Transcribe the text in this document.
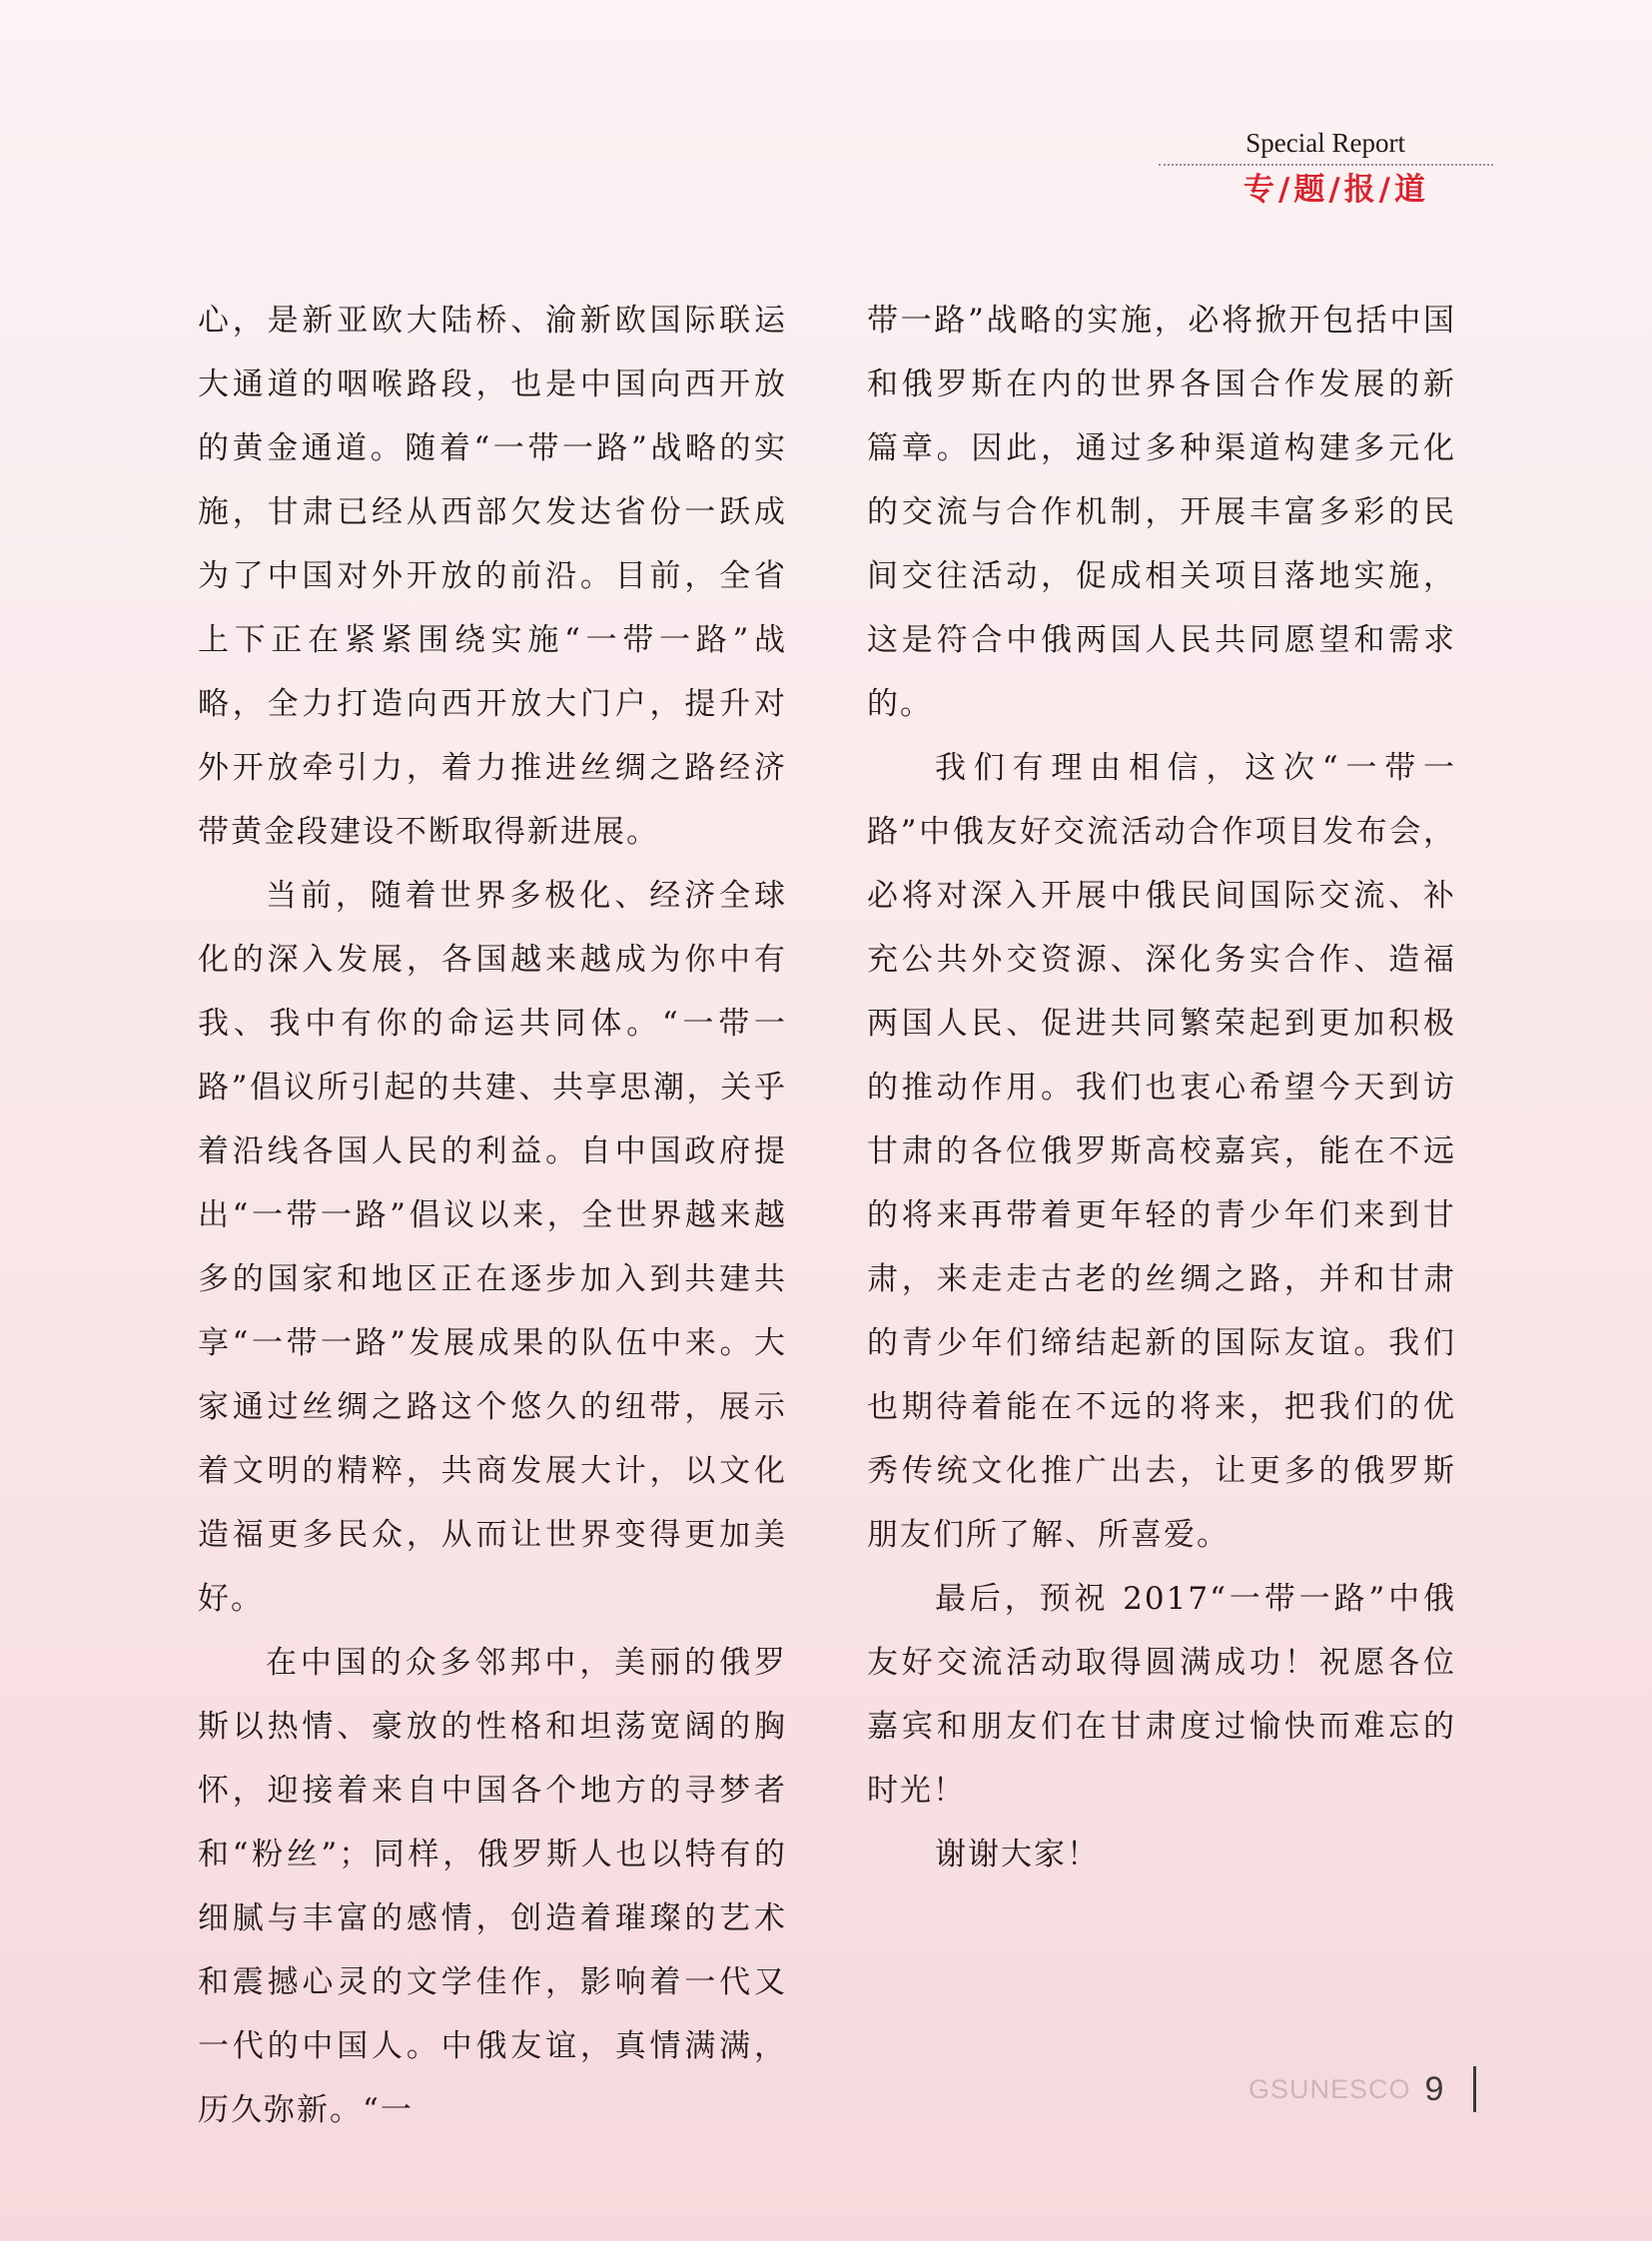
Special Report
专/题/报/道

心，是新亚欧大陆桥、渝新欧国际联运大通道的咽喉路段，也是中国向西开放的黄金通道。随着“一带一路”战略的实施，甘肃已经从西部欠发达省份一跃成为了中国对外开放的前沿。目前，全省上下正在紧紧围绕实施“一带一路”战略，全力打造向西开放大门户，提升对外开放牵引力，着力推进丝绸之路经济带黄金段建设不断取得新进展。

当前，随着世界多极化、经济全球化的深入发展，各国越来越成为你中有我、我中有你的命运共同体。“一带一路”倡议所引起的共建、共享思潮，关乎着沿线各国人民的利益。自中国政府提出“一带一路”倡议以来，全世界越来越多的国家和地区正在逐步加入到共建共享“一带一路”发展成果的队伍中来。大家通过丝绸之路这个悠久的纽带，展示着文明的精粹，共商发展大计，以文化造福更多民众，从而让世界变得更加美好。

在中国的众多邻邦中，美丽的俄罗斯以热情、豪放的性格和坦荡宽阔的胸怀，迎接着来自中国各个地方的寻梦者和“粉丝”；同样，俄罗斯人也以特有的细腻与丰富的感情，创造着璀璨的艺术和震撼心灵的文学佳作，影响着一代又一代的中国人。中俄友谊，真情满满，历久弥新。“一

带一路”战略的实施，必将掀开包括中国和俄罗斯在内的世界各国合作发展的新篇章。因此，通过多种渠道构建多元化的交流与合作机制，开展丰富多彩的民间交往活动，促成相关项目落地实施，这是符合中俄两国人民共同愿望和需求的。

我们有理由相信，这次“一带一路”中俄友好交流活动合作项目发布会，必将对深入开展中俄民间国际交流、补充公共外交资源、深化务实合作、造福两国人民、促进共同繁荣起到更加积极的推动作用。我们也衷心希望今天到访甘肃的各位俄罗斯高校嘉宾，能在不远的将来再带着更年轻的青少年们来到甘肃，来走走古老的丝绸之路，并和甘肃的青少年们缔结起新的国际友谊。我们也期待着能在不远的将来，把我们的优秀传统文化推广出去，让更多的俄罗斯朋友们所了解、所喜爱。

最后，预祝 2017“一带一路”中俄友好交流活动取得圆满成功！祝愿各位嘉宾和朋友们在甘肃度过愉快而难忘的时光！

谢谢大家！

GSUNESCO 9
